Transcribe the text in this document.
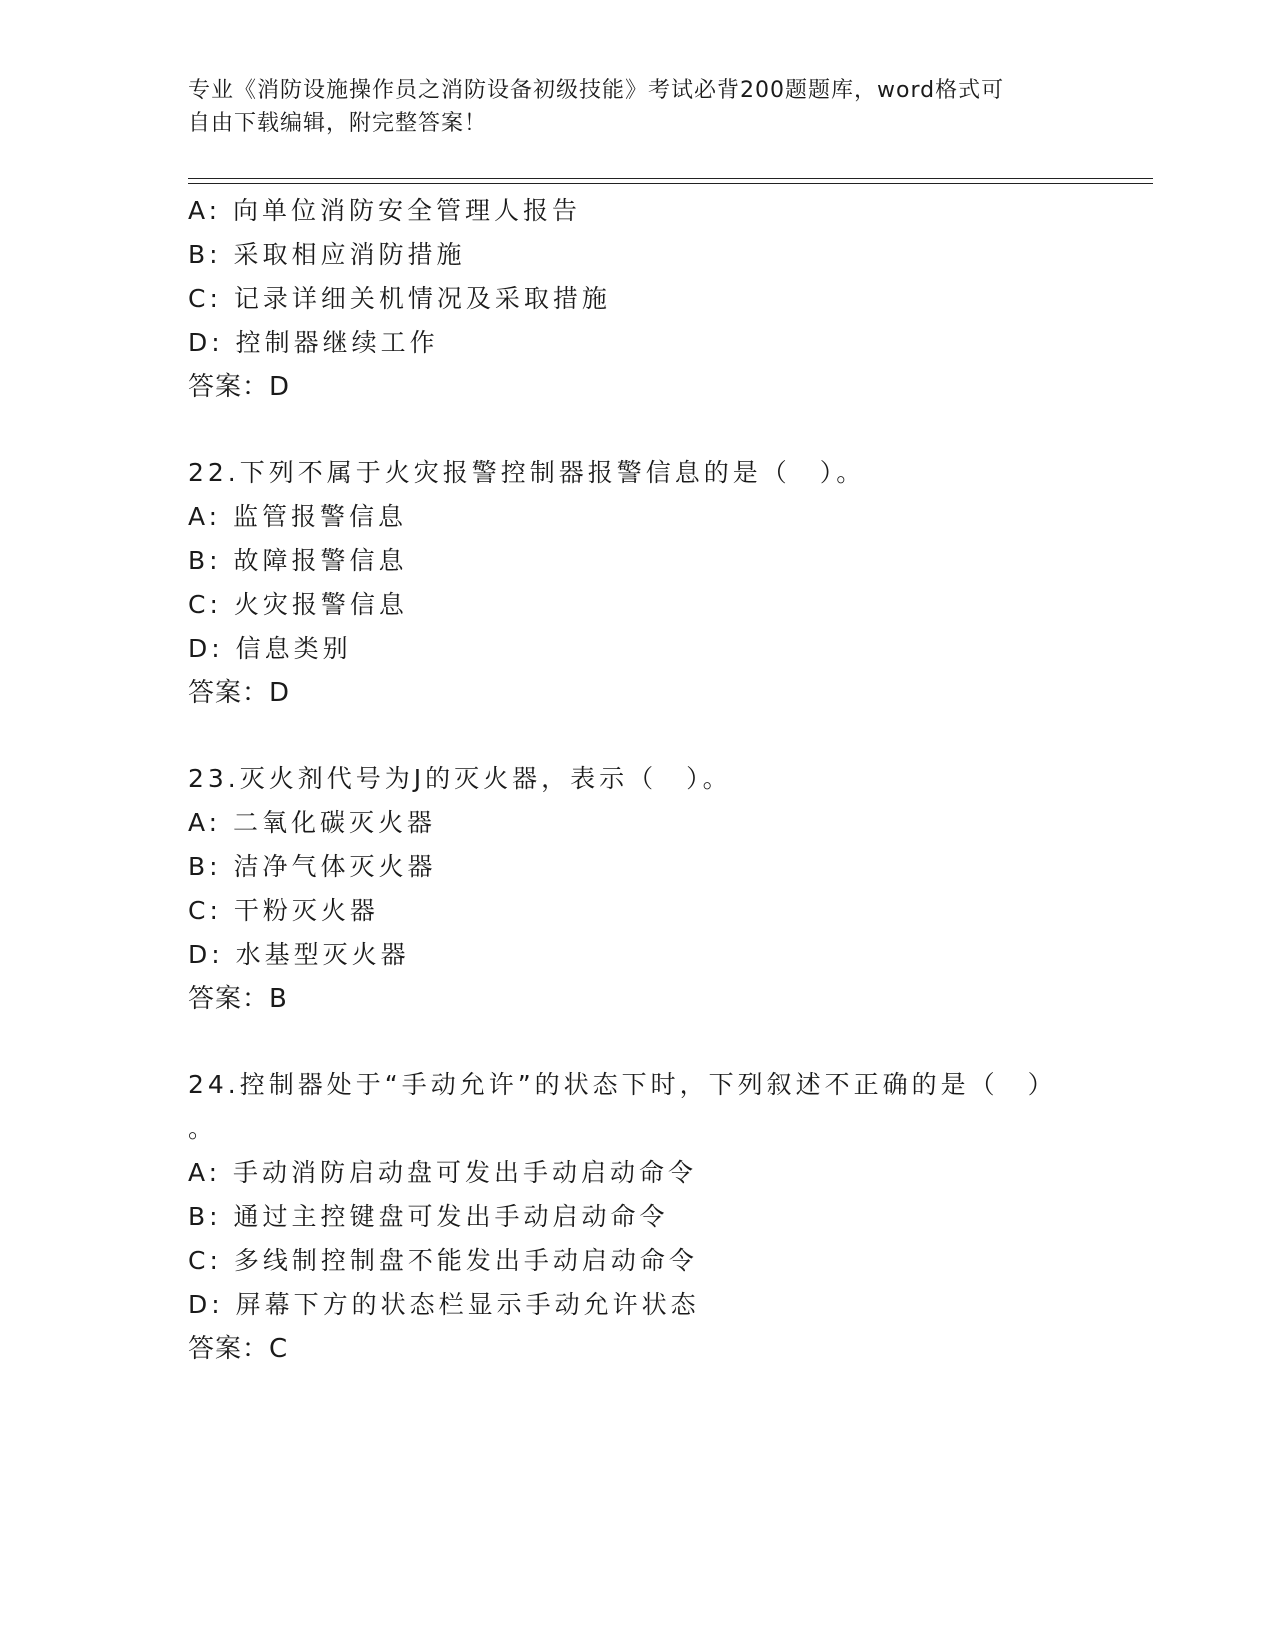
专业《消防设施操作员之消防设备初级技能》考试必背200题题库，word格式可
自由下载编辑，附完整答案！
A: 向单位消防安全管理人报告
B: 采取相应消防措施
C: 记录详细关机情况及采取措施
D: 控制器继续工作
答案：D
22.下列不属于火灾报警控制器报警信息的是（　）。
A: 监管报警信息
B: 故障报警信息
C: 火灾报警信息
D: 信息类别
答案：D
23.灭火剂代号为J的灭火器，表示（　）。
A: 二氧化碳灭火器
B: 洁净气体灭火器
C: 干粉灭火器
D: 水基型灭火器
答案：B
24.控制器处于“手动允许”的状态下时，下列叙述不正确的是（　）
。
A: 手动消防启动盘可发出手动启动命令
B: 通过主控键盘可发出手动启动命令
C: 多线制控制盘不能发出手动启动命令
D: 屏幕下方的状态栏显示手动允许状态
答案：C
